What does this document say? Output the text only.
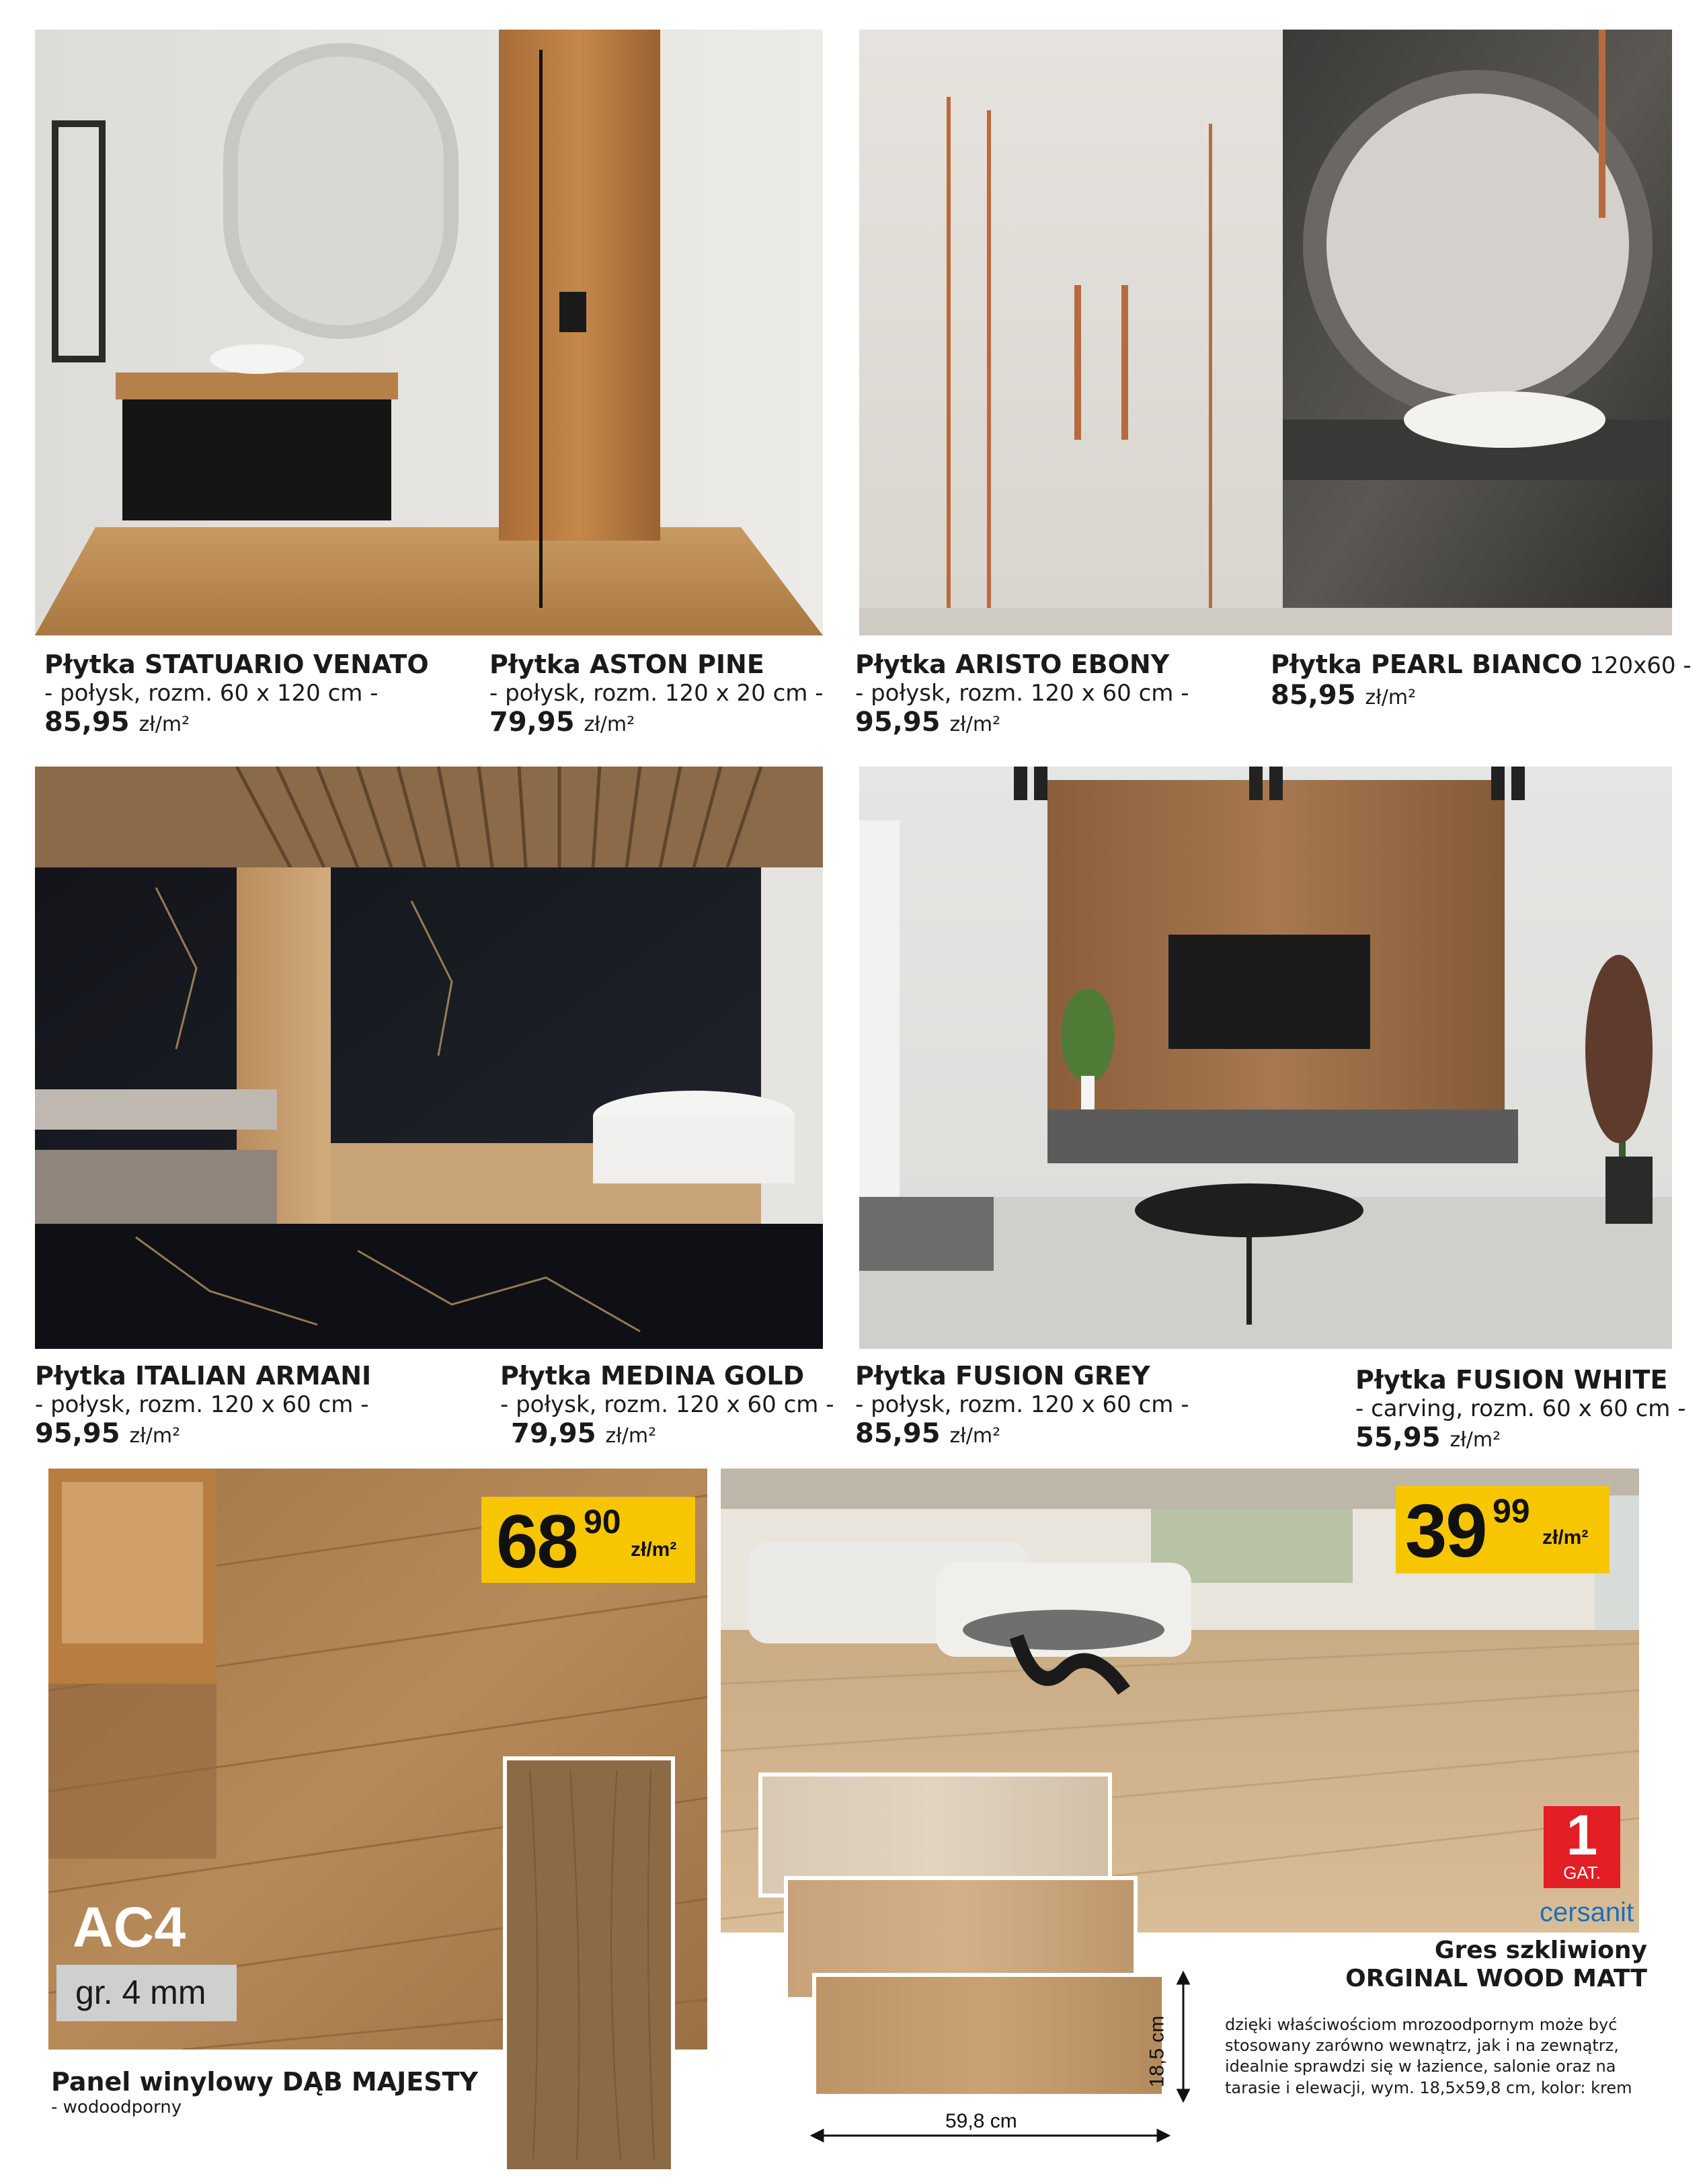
Płytka STATUARIO VENATO
- połysk, rozm. 60 x 120 cm -
85,95 zł/m²
Płytka ASTON PINE
- połysk, rozm. 120 x 20 cm -
79,95 zł/m²
Płytka ARISTO EBONY
- połysk, rozm. 120 x 60 cm -
95,95 zł/m²
Płytka PEARL BIANCO 120x60 -
85,95 zł/m²
Płytka ITALIAN ARMANI
- połysk, rozm. 120 x 60 cm -
95,95 zł/m²
Płytka MEDINA GOLD
- połysk, rozm. 120 x 60 cm -
79,95 zł/m²
Płytka FUSION GREY
- połysk, rozm. 120 x 60 cm -
85,95 zł/m²
Płytka FUSION WHITE
- carving, rozm. 60 x 60 cm -
55,95 zł/m²
68 90
zł/m²
AC4
gr. 4 mm
Panel winylowy DĄB MAJESTY
- wodoodporny
39 99
zł/m²
1
GAT.
cersanit
59,8 cm
18,5 cm
Gres szkliwiony
ORGINAL WOOD MATT
dzięki właściwościom mrozoodpornym może być stosowany zarówno wewnątrz, jak i na zewnątrz, idealnie sprawdzi się w łazience, salonie oraz na tarasie i elewacji, wym. 18,5x59,8 cm, kolor: krem
